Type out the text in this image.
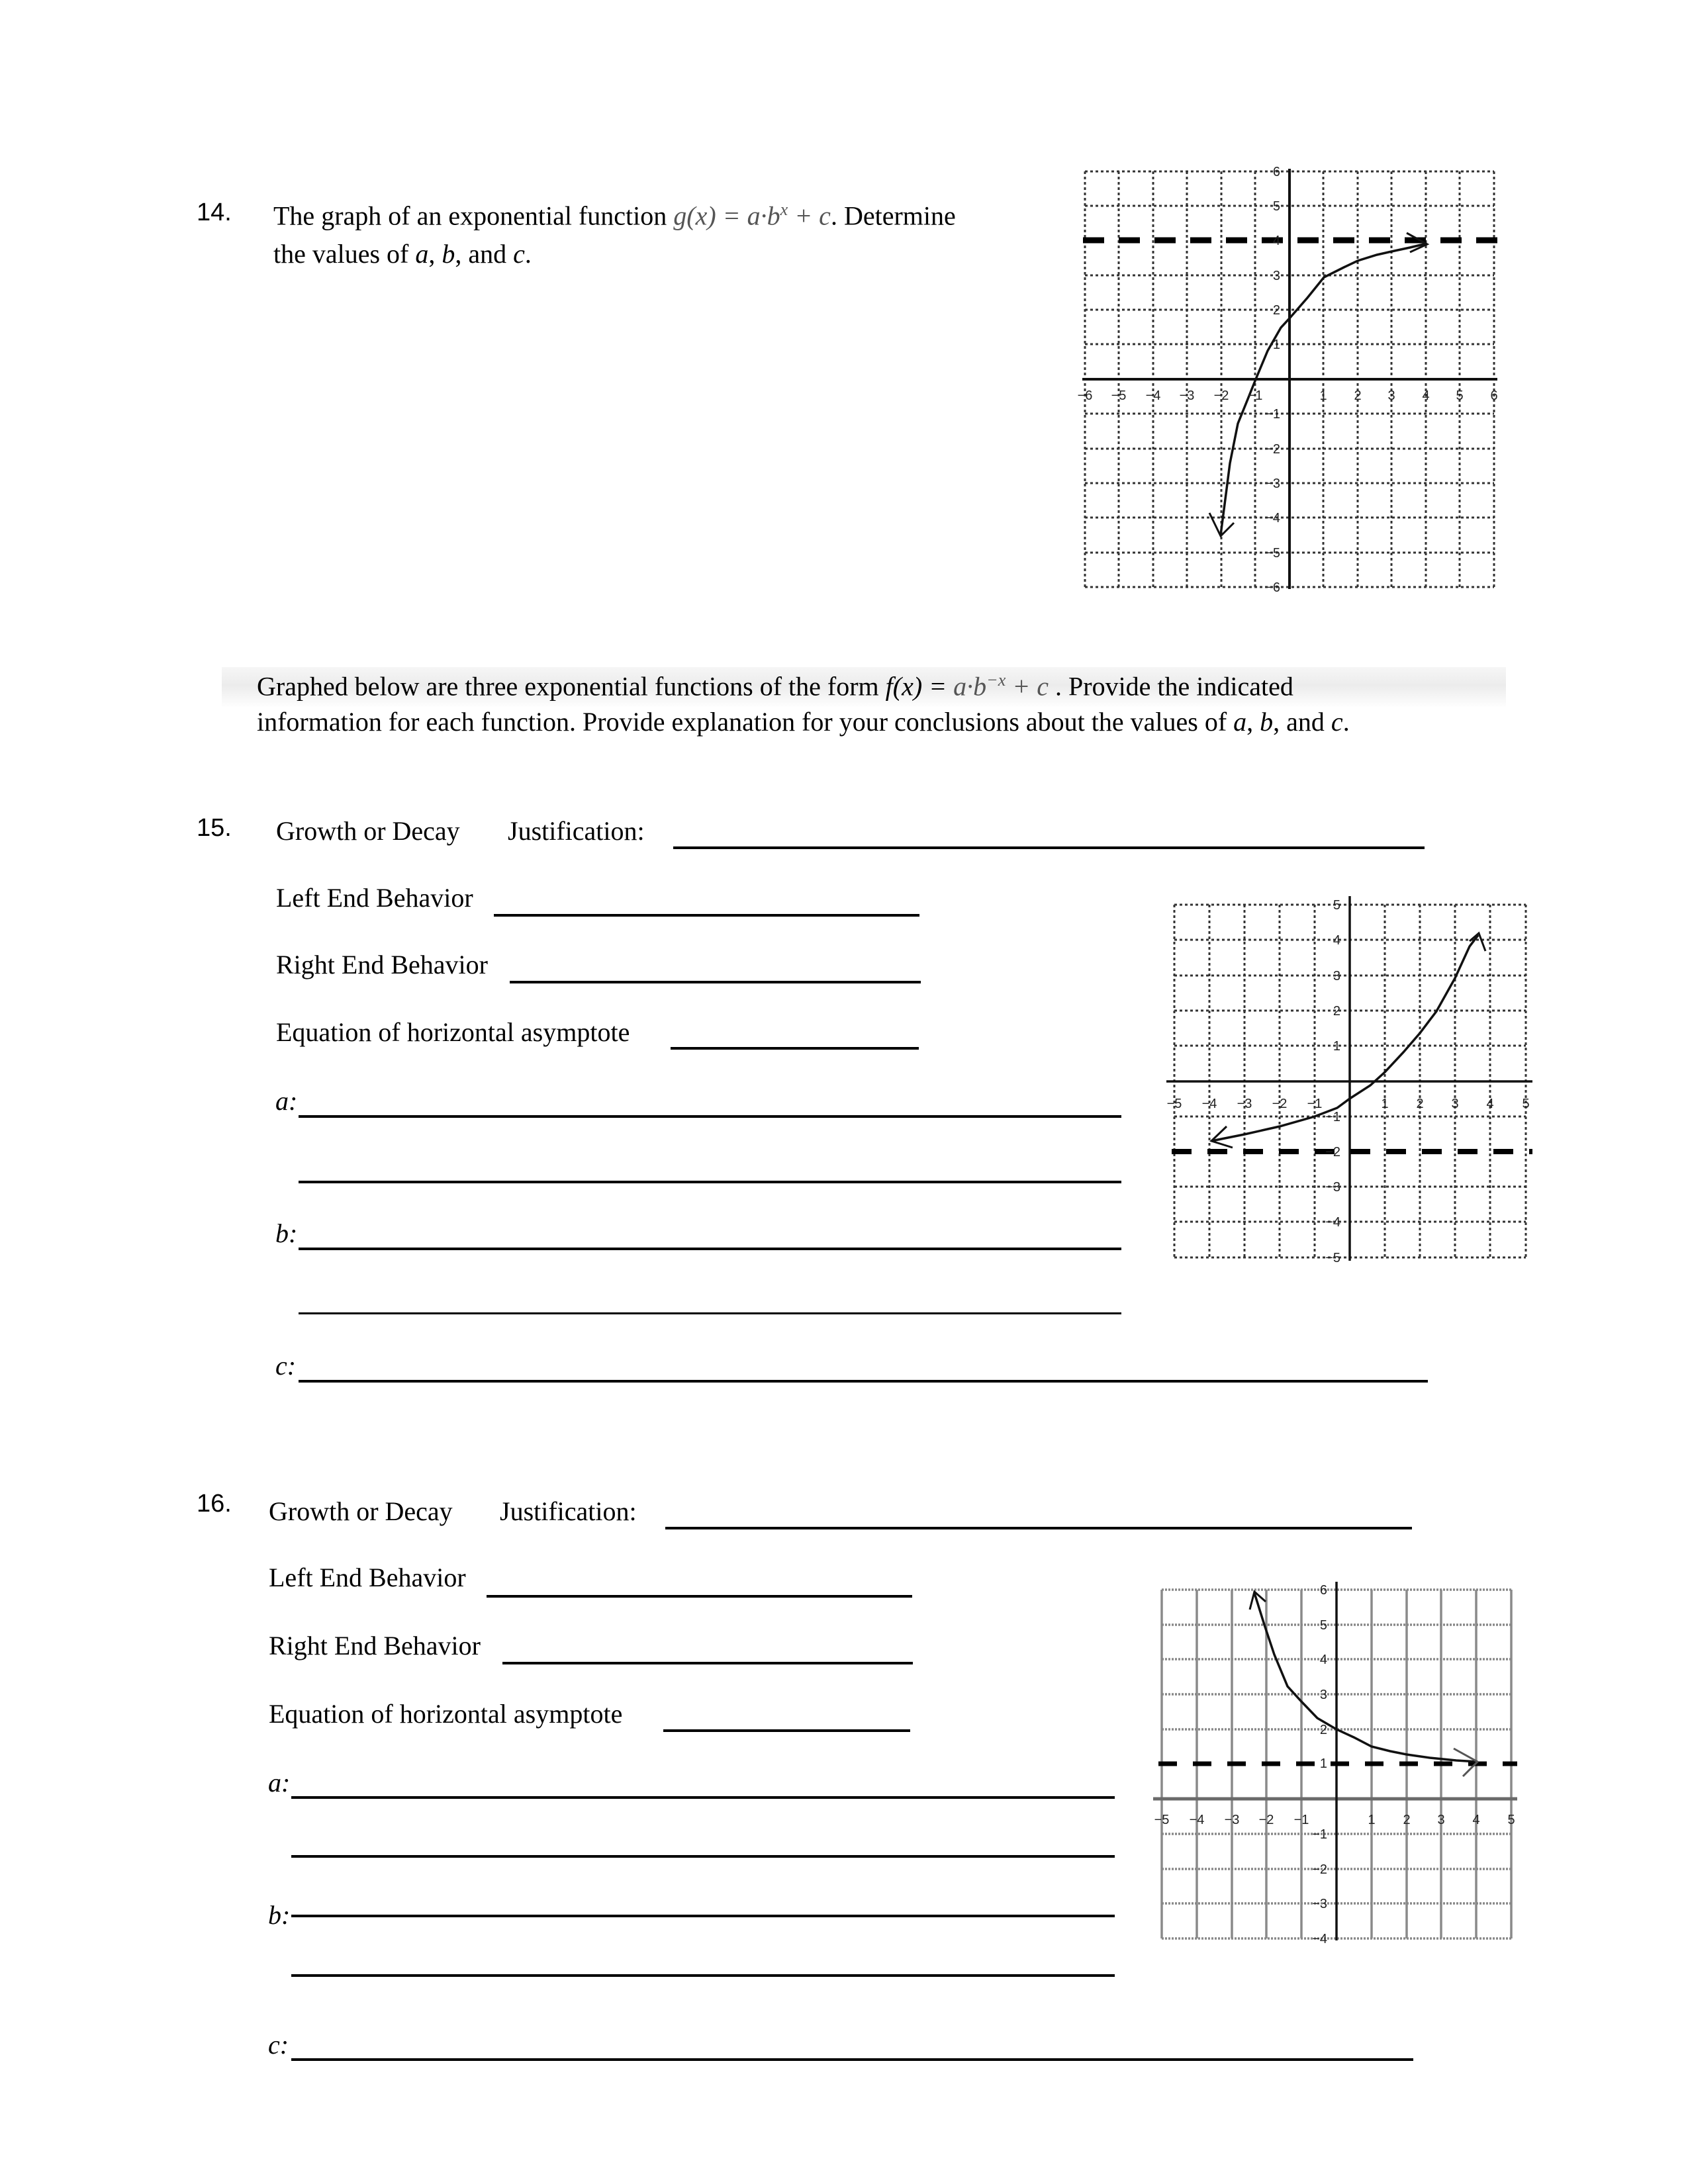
14. The graph of an exponential function $g(x) = a\cdot b^x + c$. Determine
the values of a, b, and c.
−6 −5 −4 −3 −2 −1	1 2 3 4 5 6
6
5
4
3
2
1
−1
−2
−3
−4
−5
−6
Graphed below are three exponential functions of the form $f(x) = a\cdot b^{-x} + c$ . Provide the indicated
information for each function. Provide explanation for your conclusions about the values of a, b, and c.
15. Growth or Decay Justification:
Left End Behavior
Right End Behavior
Equation of horizontal asymptote
a:
b:
c:
−5 −4 −3 −2 −1	1 2 3 4 5
5
4
3
2
1
−1
−2
−3
−4
−5
16. Growth or Decay Justification:
Left End Behavior
Right End Behavior
Equation of horizontal asymptote
a:
b:
c:
−5 −4 −3 −2 −1	1 2 3 4 5
6
5
4
3
2
1
−1
−2
−3
−4
